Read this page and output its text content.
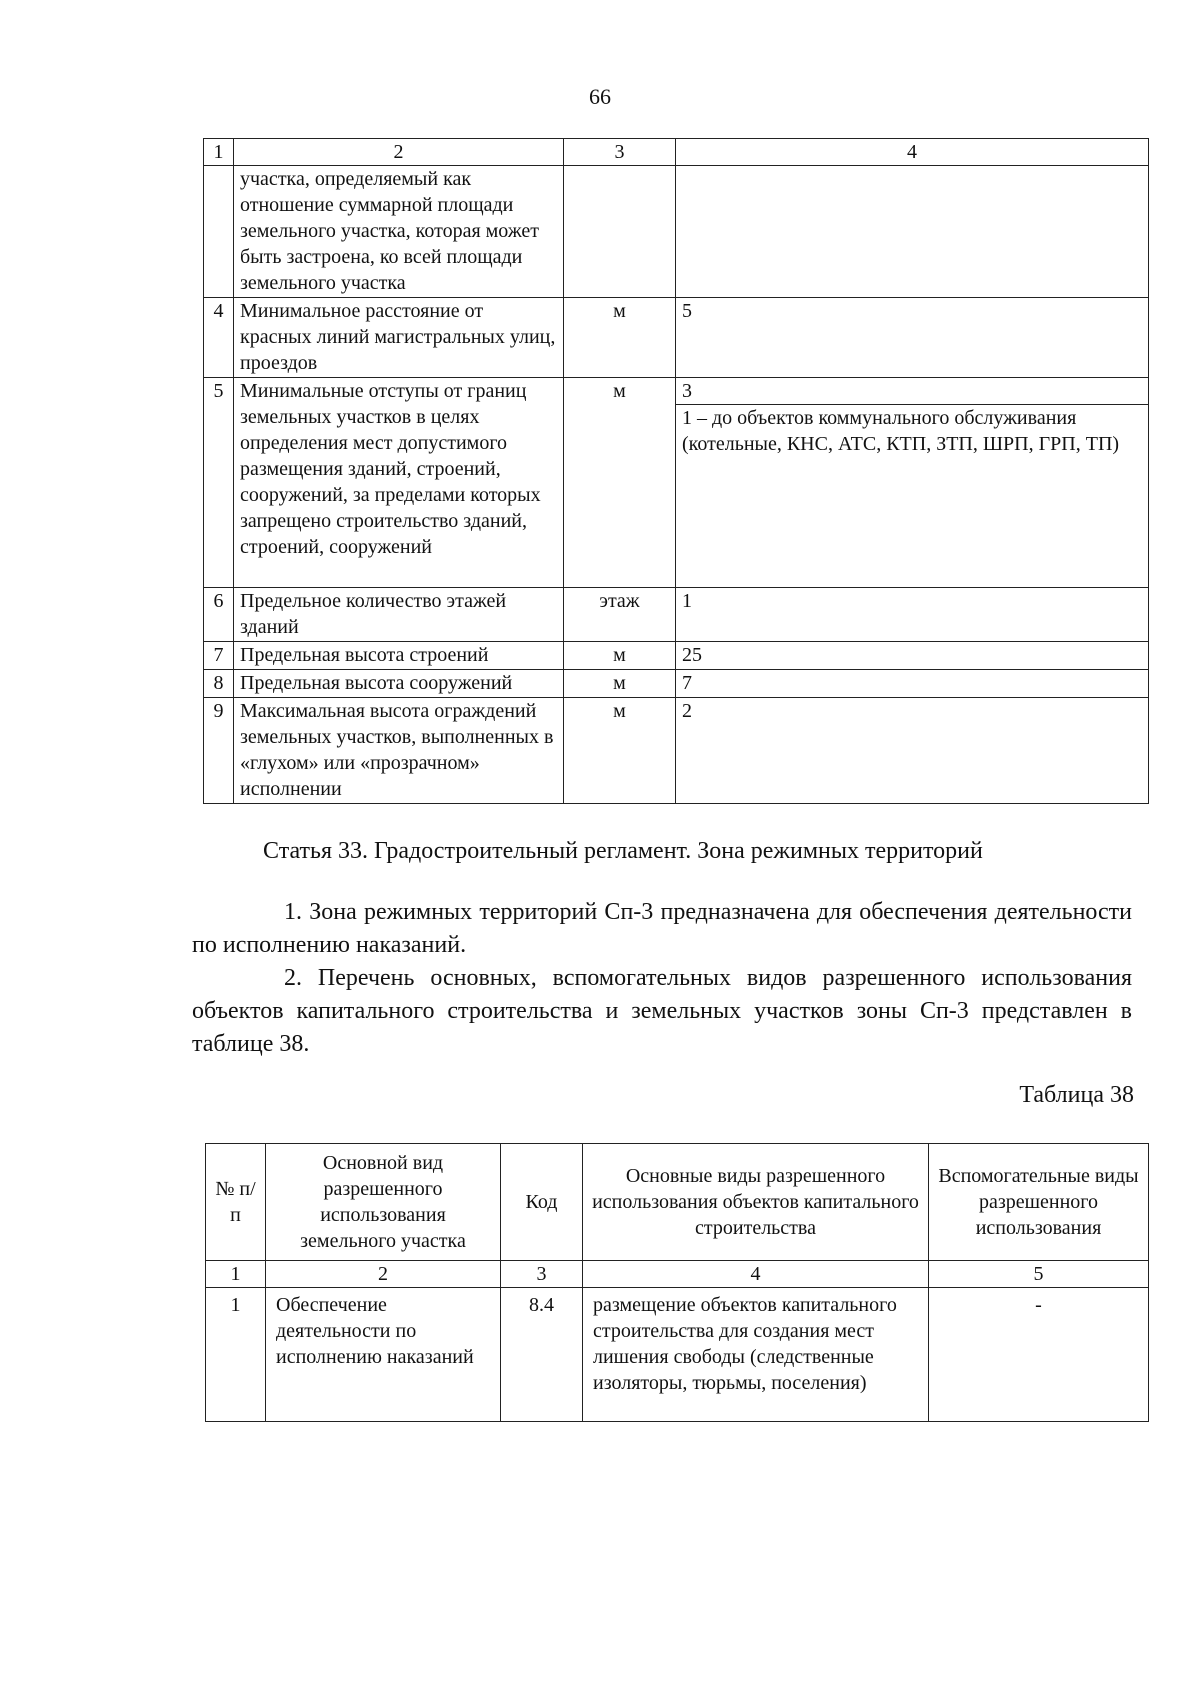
66
1	2	3	4
	участка, определяемый как отношение суммарной площади земельного участка, которая может быть застроена, ко всей площади земельного участка		
4	Минимальное расстояние от красных линий магистральных улиц, проездов	м	5
5	Минимальные отступы от границ земельных участков в целях определения мест допустимого размещения зданий, строений, сооружений, за пределами которых запрещено строительство зданий, строений, сооружений	м	3
1 – до объектов коммунального обслуживания (котельные, КНС, АТС, КТП, ЗТП, ШРП, ГРП, ТП)

6	Предельное количество этажей зданий	этаж	1
7	Предельная высота строений	м	25
8	Предельная высота сооружений	м	7
9	Максимальная высота ограждений земельных участков, выполненных в «глухом» или «прозрачном» исполнении	м	2
Статья 33. Градостроительный регламент. Зона режимных территорий
1. Зона режимных территорий Сп-3 предназначена для обеспечения деятельности по исполнению наказаний.
2. Перечень основных, вспомогательных видов разрешенного использования объектов капитального строительства и земельных участков зоны Сп-3 представлен в таблице 38.
Таблица 38
№ п/п	Основной вид разрешенного использования земельного участка	Код	Основные виды разрешенного использования объектов капитального строительства	Вспомогательные виды разрешенного использования
1	2	3	4	5
1	Обеспечение деятельности по исполнению наказаний	8.4	размещение объектов капитального строительства для создания мест лишения свободы (следственные изоляторы, тюрьмы, поселения)	-
